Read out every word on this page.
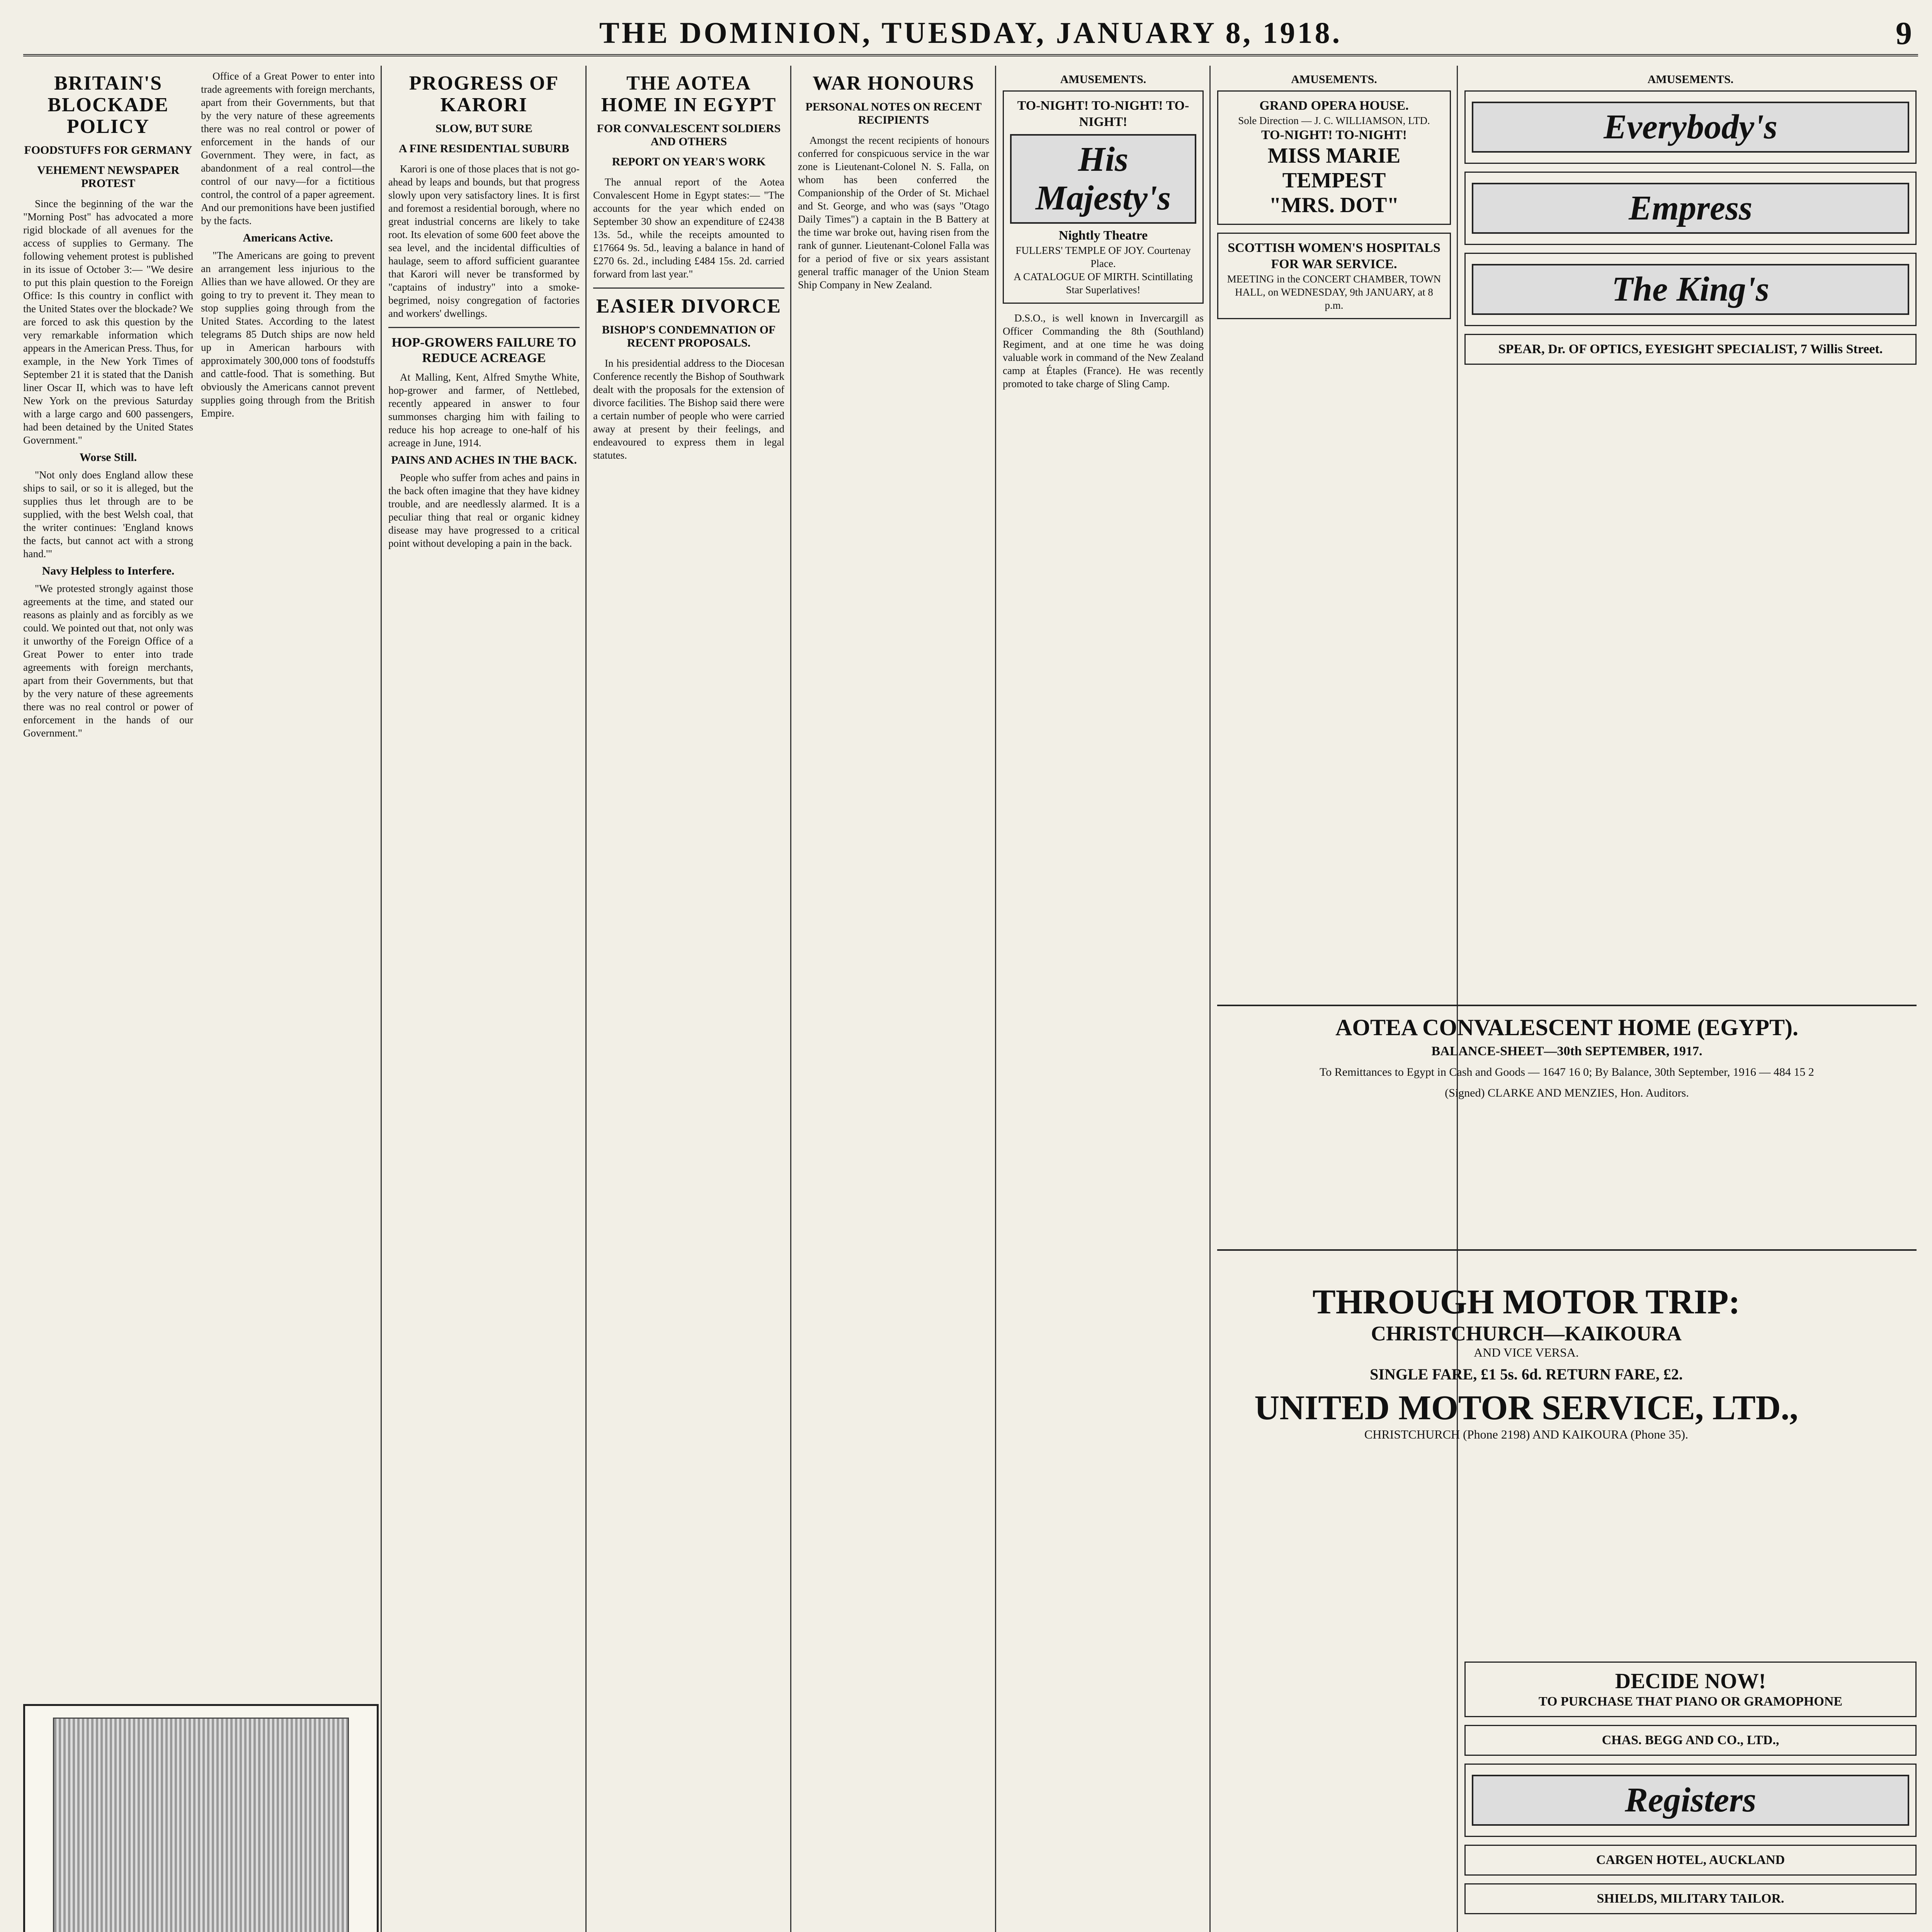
THE DOMINION, TUESDAY, JANUARY 8, 1918.	9
BRITAIN'S BLOCKADE POLICY
FOODSTUFFS FOR GERMANY
VEHEMENT NEWSPAPER PROTEST

Since the beginning of the war the "Morning Post" has advocated a more rigid blockade of all avenues for the access of supplies to Germany. The following vehement protest is published in its issue of October 3:— "We desire to put this plain question to the Foreign Office: Is this country in conflict with the United States over the blockade? We are forced to ask this question by the very remarkable information which appears in the American Press. Thus, for example, in the New York Times of September 21 it is stated that the Danish liner Oscar II, which was to have left New York on the previous Saturday with a large cargo and 600 passengers, had been detained by the United States Government."

Worse Still.

"Not only does England allow these ships to sail, or so it is alleged, but the supplies thus let through are to be supplied, with the best Welsh coal, that the writer continues: 'England knows the facts, but cannot act with a strong hand.'"

Navy Helpless to Interfere.

"We protested strongly against those agreements at the time, and stated our reasons as plainly and as forcibly as we could. We pointed out that, not only was it unworthy of the Foreign Office of a Great Power to enter into trade agreements with foreign merchants, apart from their Governments, but that by the very nature of these agreements there was no real control or power of enforcement in the hands of our Government."

Office of a Great Power to enter into trade agreements with foreign merchants, apart from their Governments, but that by the very nature of these agreements there was no real control or power of enforcement in the hands of our Government. They were, in fact, as abandonment of a real control—the control of our navy—for a fictitious control, the control of a paper agreement. And our premonitions have been justified by the facts.

Americans Active.

"The Americans are going to prevent an arrangement less injurious to the Allies than we have allowed. Or they are going to try to prevent it. They mean to stop supplies going through from the United States. According to the latest telegrams 85 Dutch ships are now held up in American harbours with approximately 300,000 tons of foodstuffs and cattle-food. That is something. But obviously the Americans cannot prevent supplies going through from the British Empire.

PROGRESS OF KARORI
SLOW, BUT SURE
A FINE RESIDENTIAL SUBURB

Karori is one of those places that is not go-ahead by leaps and bounds, but that progress slowly upon very satisfactory lines. It is first and foremost a residential borough, where no great industrial concerns are likely to take root. Its elevation of some 600 feet above the sea level, and the incidental difficulties of haulage, seem to afford sufficient guarantee that Karori will never be transformed by "captains of industry" into a smoke-begrimed, noisy congregation of factories and workers' dwellings.

HOP-GROWERS FAILURE TO REDUCE ACREAGE

At Malling, Kent, Alfred Smythe White, hop-grower and farmer, of Nettlebed, recently appeared in answer to four summonses charging him with failing to reduce his hop acreage to one-half of his acreage in June, 1914.

PAINS AND ACHES IN THE BACK.

People who suffer from aches and pains in the back often imagine that they have kidney trouble, and are needlessly alarmed. It is a peculiar thing that real or organic kidney disease may have progressed to a critical point without developing a pain in the back.

THE AOTEA HOME IN EGYPT
FOR CONVALESCENT SOLDIERS AND OTHERS
REPORT ON YEAR'S WORK

The annual report of the Aotea Convalescent Home in Egypt states:— "The accounts for the year which ended on September 30 show an expenditure of £2438 13s. 5d., while the receipts amounted to £17664 9s. 5d., leaving a balance in hand of £270 6s. 2d., including £484 15s. 2d. carried forward from last year."

EASIER DIVORCE
BISHOP'S CONDEMNATION OF RECENT PROPOSALS.

In his presidential address to the Diocesan Conference recently the Bishop of Southwark dealt with the proposals for the extension of divorce facilities. The Bishop said there were a certain number of people who were carried away at present by their feelings, and endeavoured to express them in legal statutes.

WAR HONOURS
PERSONAL NOTES ON RECENT RECIPIENTS

Amongst the recent recipients of honours conferred for conspicuous service in the war zone is Lieutenant-Colonel N. S. Falla, on whom has been conferred the Companionship of the Order of St. Michael and St. George, and who was (says "Otago Daily Times") a captain in the B Battery at the time war broke out, having risen from the rank of gunner. Lieutenant-Colonel Falla was for a period of five or six years assistant general traffic manager of the Union Steam Ship Company in New Zealand.

AMUSEMENTS.
TO-NIGHT! TO-NIGHT! TO-NIGHT!
His Majesty's
Nightly Theatre
FULLERS' TEMPLE OF JOY. Courtenay Place.
A CATALOGUE OF MIRTH. Scintillating Star Superlatives!

D.S.O., is well known in Invercargill as Officer Commanding the 8th (Southland) Regiment, and at one time he was doing valuable work in command of the New Zealand camp at Étaples (France). He was recently promoted to take charge of Sling Camp.

AMUSEMENTS.
GRAND OPERA HOUSE.
Sole Direction — J. C. WILLIAMSON, LTD.
TO-NIGHT! TO-NIGHT!
MISS MARIE TEMPEST
"MRS. DOT"
SCOTTISH WOMEN'S HOSPITALS FOR WAR SERVICE.
MEETING in the CONCERT CHAMBER, TOWN HALL, on WEDNESDAY, 9th JANUARY, at 8 p.m.
AMUSEMENTS.
Everybody's
Empress
The King's
SPEAR, Dr. OF OPTICS, EYESIGHT SPECIALIST, 7 Willis Street.
AOTEA CONVALESCENT HOME (EGYPT).
BALANCE-SHEET—30th SEPTEMBER, 1917.
To Remittances to Egypt in Cash and Goods — 1647 16 0; By Balance, 30th September, 1916 — 484 15 2
(Signed) CLARKE AND MENZIES, Hon. Auditors.
THROUGH MOTOR TRIP:
CHRISTCHURCH—KAIKOURA
AND VICE VERSA.
SINGLE FARE, £1 5s. 6d. RETURN FARE, £2.
UNITED MOTOR SERVICE, LTD.,
CHRISTCHURCH (Phone 2198) AND KAIKOURA (Phone 35).
DECIDE NOW!
TO PURCHASE THAT PIANO OR GRAMOPHONE
CHAS. BEGG AND CO., LTD.,
Registers
CARGEN HOTEL, AUCKLAND
SHIELDS, MILITARY TAILOR.
